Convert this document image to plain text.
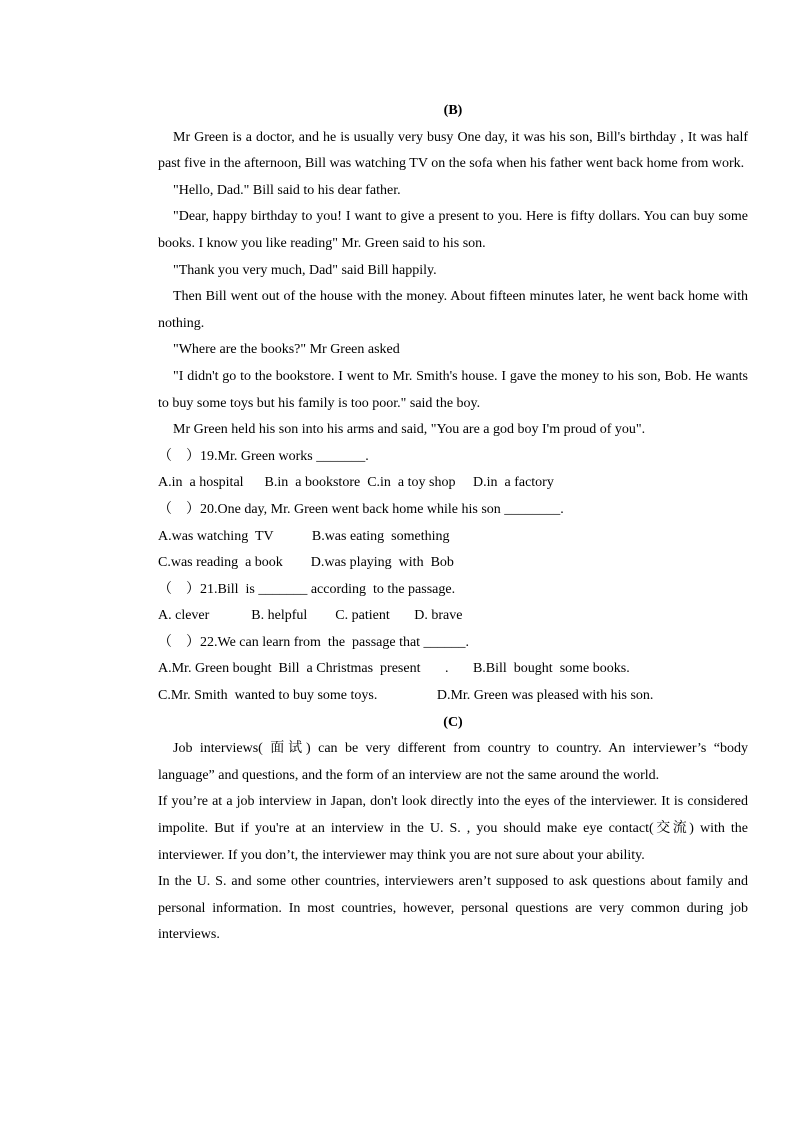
(B)

Mr Green is a doctor, and he is usually very busy One day, it was his son, Bill's birthday , It was half past five in the afternoon, Bill was watching TV on the sofa when his father went back home from work.

"Hello, Dad." Bill said to his dear father.

"Dear, happy birthday to you! I want to give a present to you. Here is fifty dollars. You can buy some books. I know you like reading" Mr. Green said to his son.

"Thank you very much, Dad" said Bill happily.

Then Bill went out of the house with the money. About fifteen minutes later, he went back home with nothing.

"Where are the books?" Mr Green asked

"I didn't go to the bookstore. I went to Mr. Smith's house. I gave the money to his son, Bob. He wants to buy some toys but his family is too poor." said the boy.

Mr Green held his son into his arms and said, "You are a god boy I'm proud of you".

（    ）19.Mr. Green works _______.

A.in  a hospital      B.in  a bookstore  C.in  a toy shop     D.in  a factory

（    ）20.One day, Mr. Green went back home while his son ________.

A.was watching  TV           B.was eating  something

C.was reading  a book        D.was playing  with  Bob

（    ）21.Bill  is _______ according  to the passage.

A. clever            B. helpful        C. patient       D. brave

（    ）22.We can learn from  the  passage that ______.

A.Mr. Green bought  Bill  a Christmas  present       .       B.Bill  bought  some books.

C.Mr. Smith  wanted to buy some toys.                 D.Mr. Green was pleased with his son.

(C)

Job interviews( 面试) can be very different from country to country. An interviewer’s “body language” and questions, and the form of an interview are not the same around the world.

If you’re at a job interview in Japan, don't look directly into the eyes of the interviewer. It is considered impolite. But if you're at an interview in the U. S. , you should make eye contact(交流) with the interviewer. If you don’t, the interviewer may think you are not sure about your ability.

In the U. S. and some other countries, interviewers aren’t supposed to ask questions about family and personal information. In most countries, however, personal questions are very common during job interviews.
